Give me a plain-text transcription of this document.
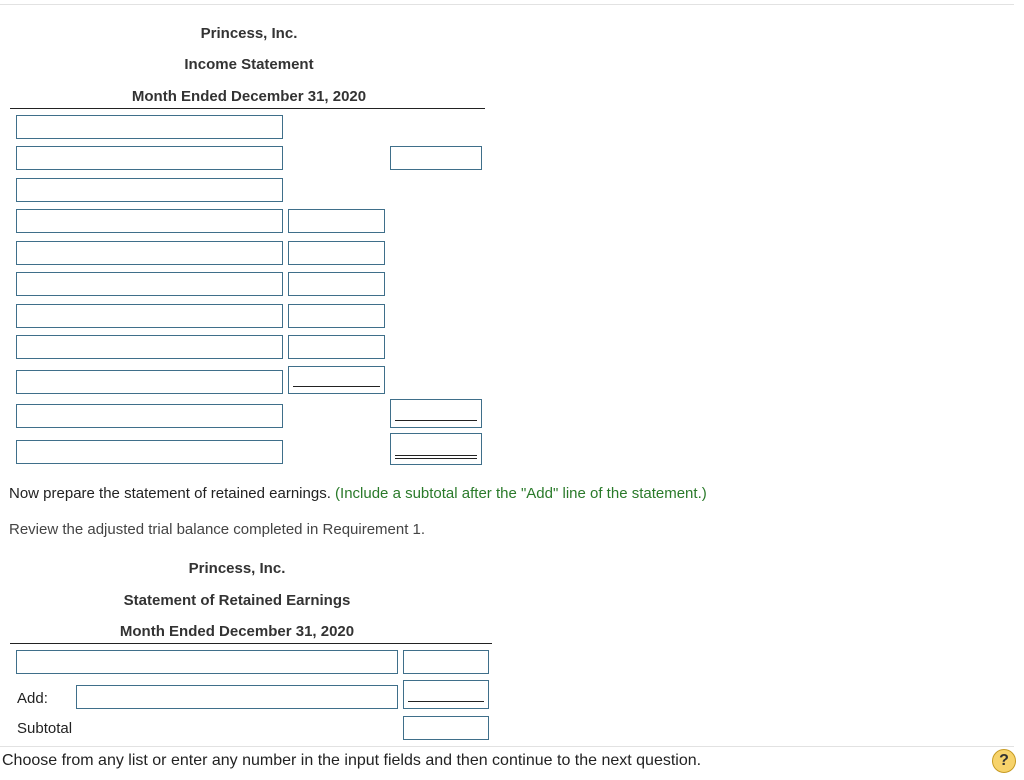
Princess, Inc.
Income Statement
Month Ended December 31, 2020
Now prepare the statement of retained earnings. (Include a subtotal after the "Add" line of the statement.)
Review the adjusted trial balance completed in Requirement 1.
Princess, Inc.
Statement of Retained Earnings
Month Ended December 31, 2020
Add:
Subtotal
Choose from any list or enter any number in the input fields and then continue to the next question.	?
